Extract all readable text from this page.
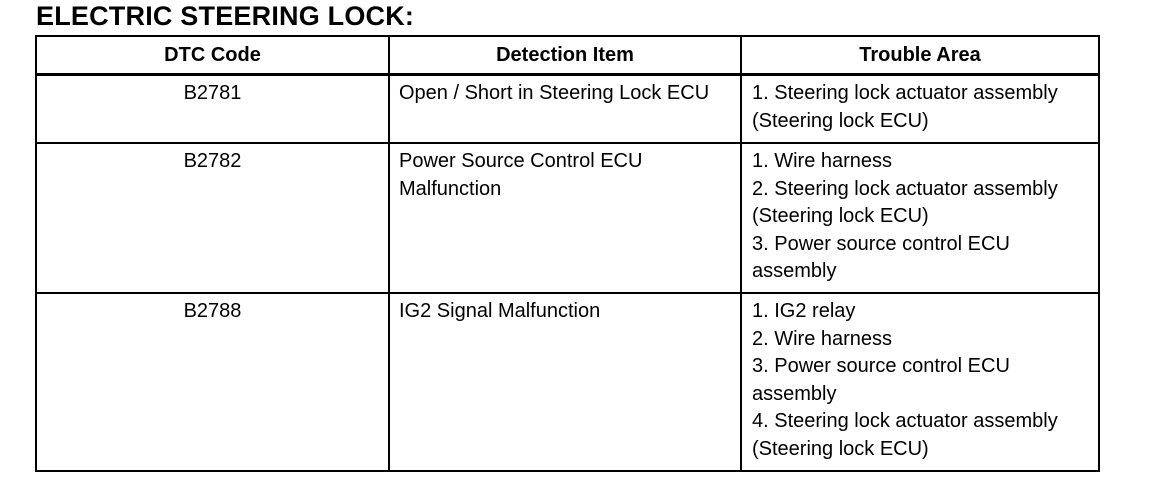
ELECTRIC STEERING LOCK:
DTC Code	Detection Item	Trouble Area

B2781	Open / Short in Steering Lock ECU	1. Steering lock actuator assembly (Steering lock ECU)

B2782	Power Source Control ECU Malfunction	1. Wire harness
2. Steering lock actuator assembly (Steering lock ECU)
3. Power source control ECU assembly

B2788	IG2 Signal Malfunction	1. IG2 relay
2. Wire harness
3. Power source control ECU assembly
4. Steering lock actuator assembly (Steering lock ECU)
